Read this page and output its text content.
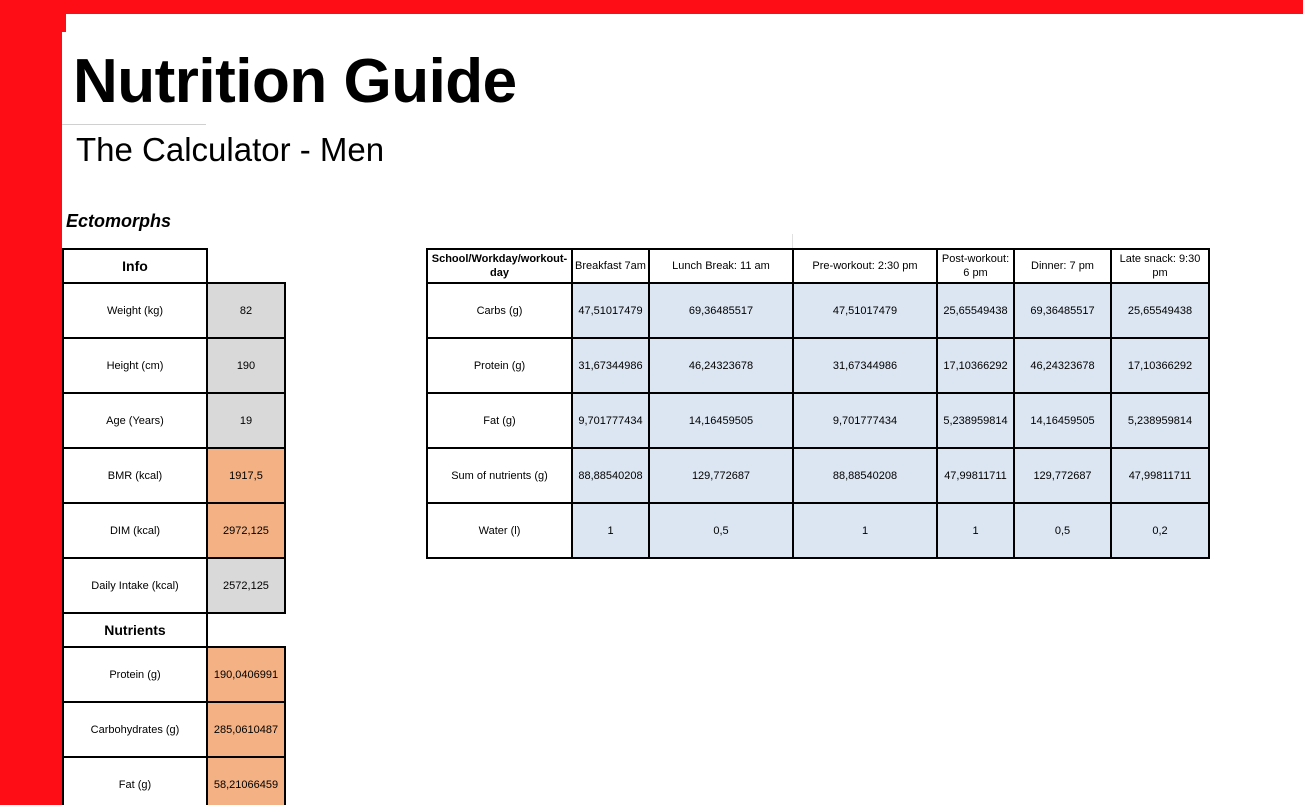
Nutrition Guide
The Calculator - Men
Ectomorphs
Info	
Weight (kg)	82
Height (cm)	190
Age (Years)	19
BMR (kcal)	1917,5
DIM (kcal)	2972,125
Daily Intake (kcal)	2572,125
Nutrients	
Protein (g)	190,0406991
Carbohydrates (g)	285,0610487
Fat (g)	58,21066459
School/Workday/workout-day	Breakfast 7am	Lunch Break: 11 am	Pre-workout: 2:30 pm	Post-workout: 6 pm	Dinner: 7 pm	Late snack: 9:30 pm
Carbs (g)	47,51017479	69,36485517	47,51017479	25,65549438	69,36485517	25,65549438
Protein (g)	31,67344986	46,24323678	31,67344986	17,10366292	46,24323678	17,10366292
Fat (g)	9,701777434	14,16459505	9,701777434	5,238959814	14,16459505	5,238959814
Sum of nutrients (g)	88,88540208	129,772687	88,88540208	47,99811711	129,772687	47,99811711
Water (l)	1	0,5	1	1	0,5	0,2
